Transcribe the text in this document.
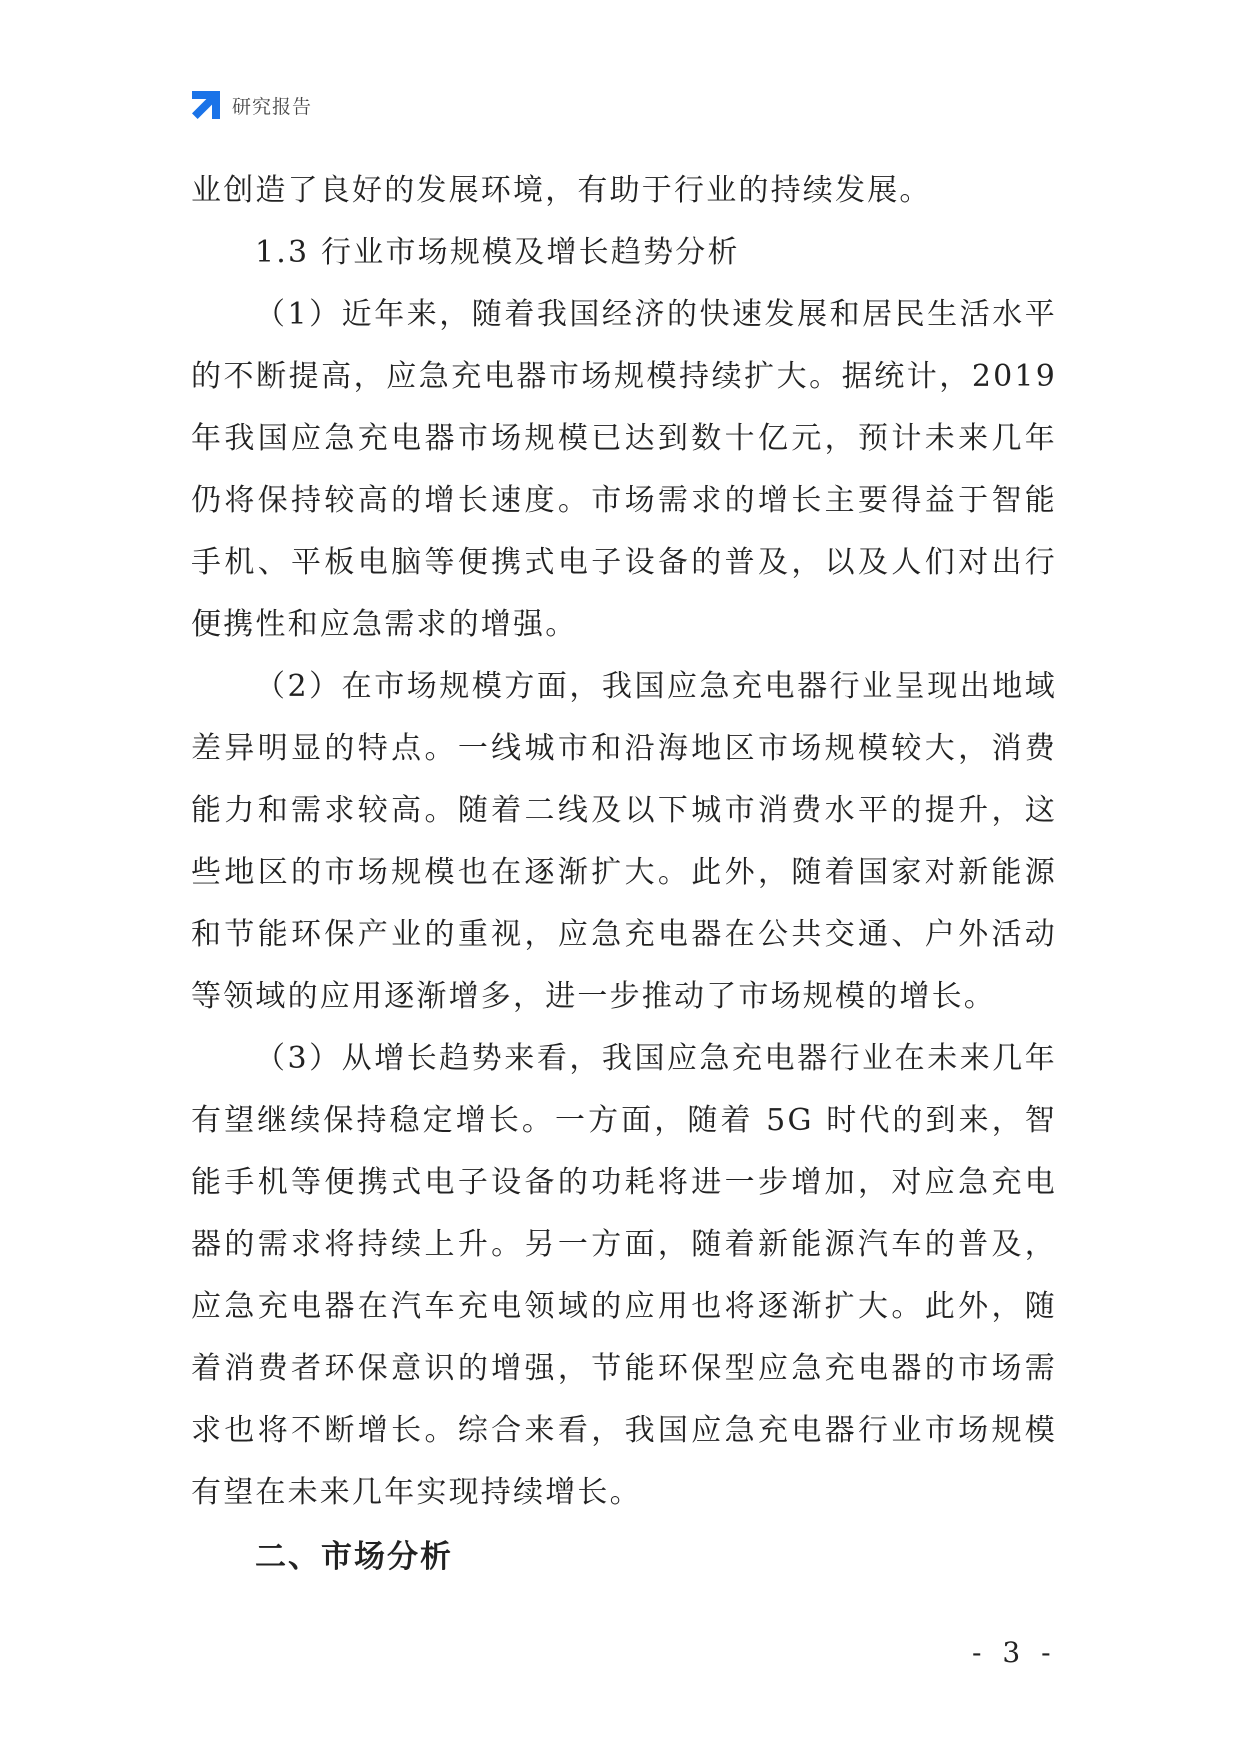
研究报告

业创造了良好的发展环境，有助于行业的持续发展。

1.3 行业市场规模及增长趋势分析

（1）近年来，随着我国经济的快速发展和居民生活水平的不断提高，应急充电器市场规模持续扩大。据统计，2019 年我国应急充电器市场规模已达到数十亿元，预计未来几年仍将保持较高的增长速度。市场需求的增长主要得益于智能手机、平板电脑等便携式电子设备的普及，以及人们对出行便携性和应急需求的增强。

（2）在市场规模方面，我国应急充电器行业呈现出地域差异明显的特点。一线城市和沿海地区市场规模较大，消费能力和需求较高。随着二线及以下城市消费水平的提升，这些地区的市场规模也在逐渐扩大。此外，随着国家对新能源和节能环保产业的重视，应急充电器在公共交通、户外活动等领域的应用逐渐增多，进一步推动了市场规模的增长。

（3）从增长趋势来看，我国应急充电器行业在未来几年有望继续保持稳定增长。一方面，随着 5G 时代的到来，智能手机等便携式电子设备的功耗将进一步增加，对应急充电器的需求将持续上升。另一方面，随着新能源汽车的普及，应急充电器在汽车充电领域的应用也将逐渐扩大。此外，随着消费者环保意识的增强，节能环保型应急充电器的市场需求也将不断增长。综合来看，我国应急充电器行业市场规模有望在未来几年实现持续增长。

二、市场分析

- 3 -
